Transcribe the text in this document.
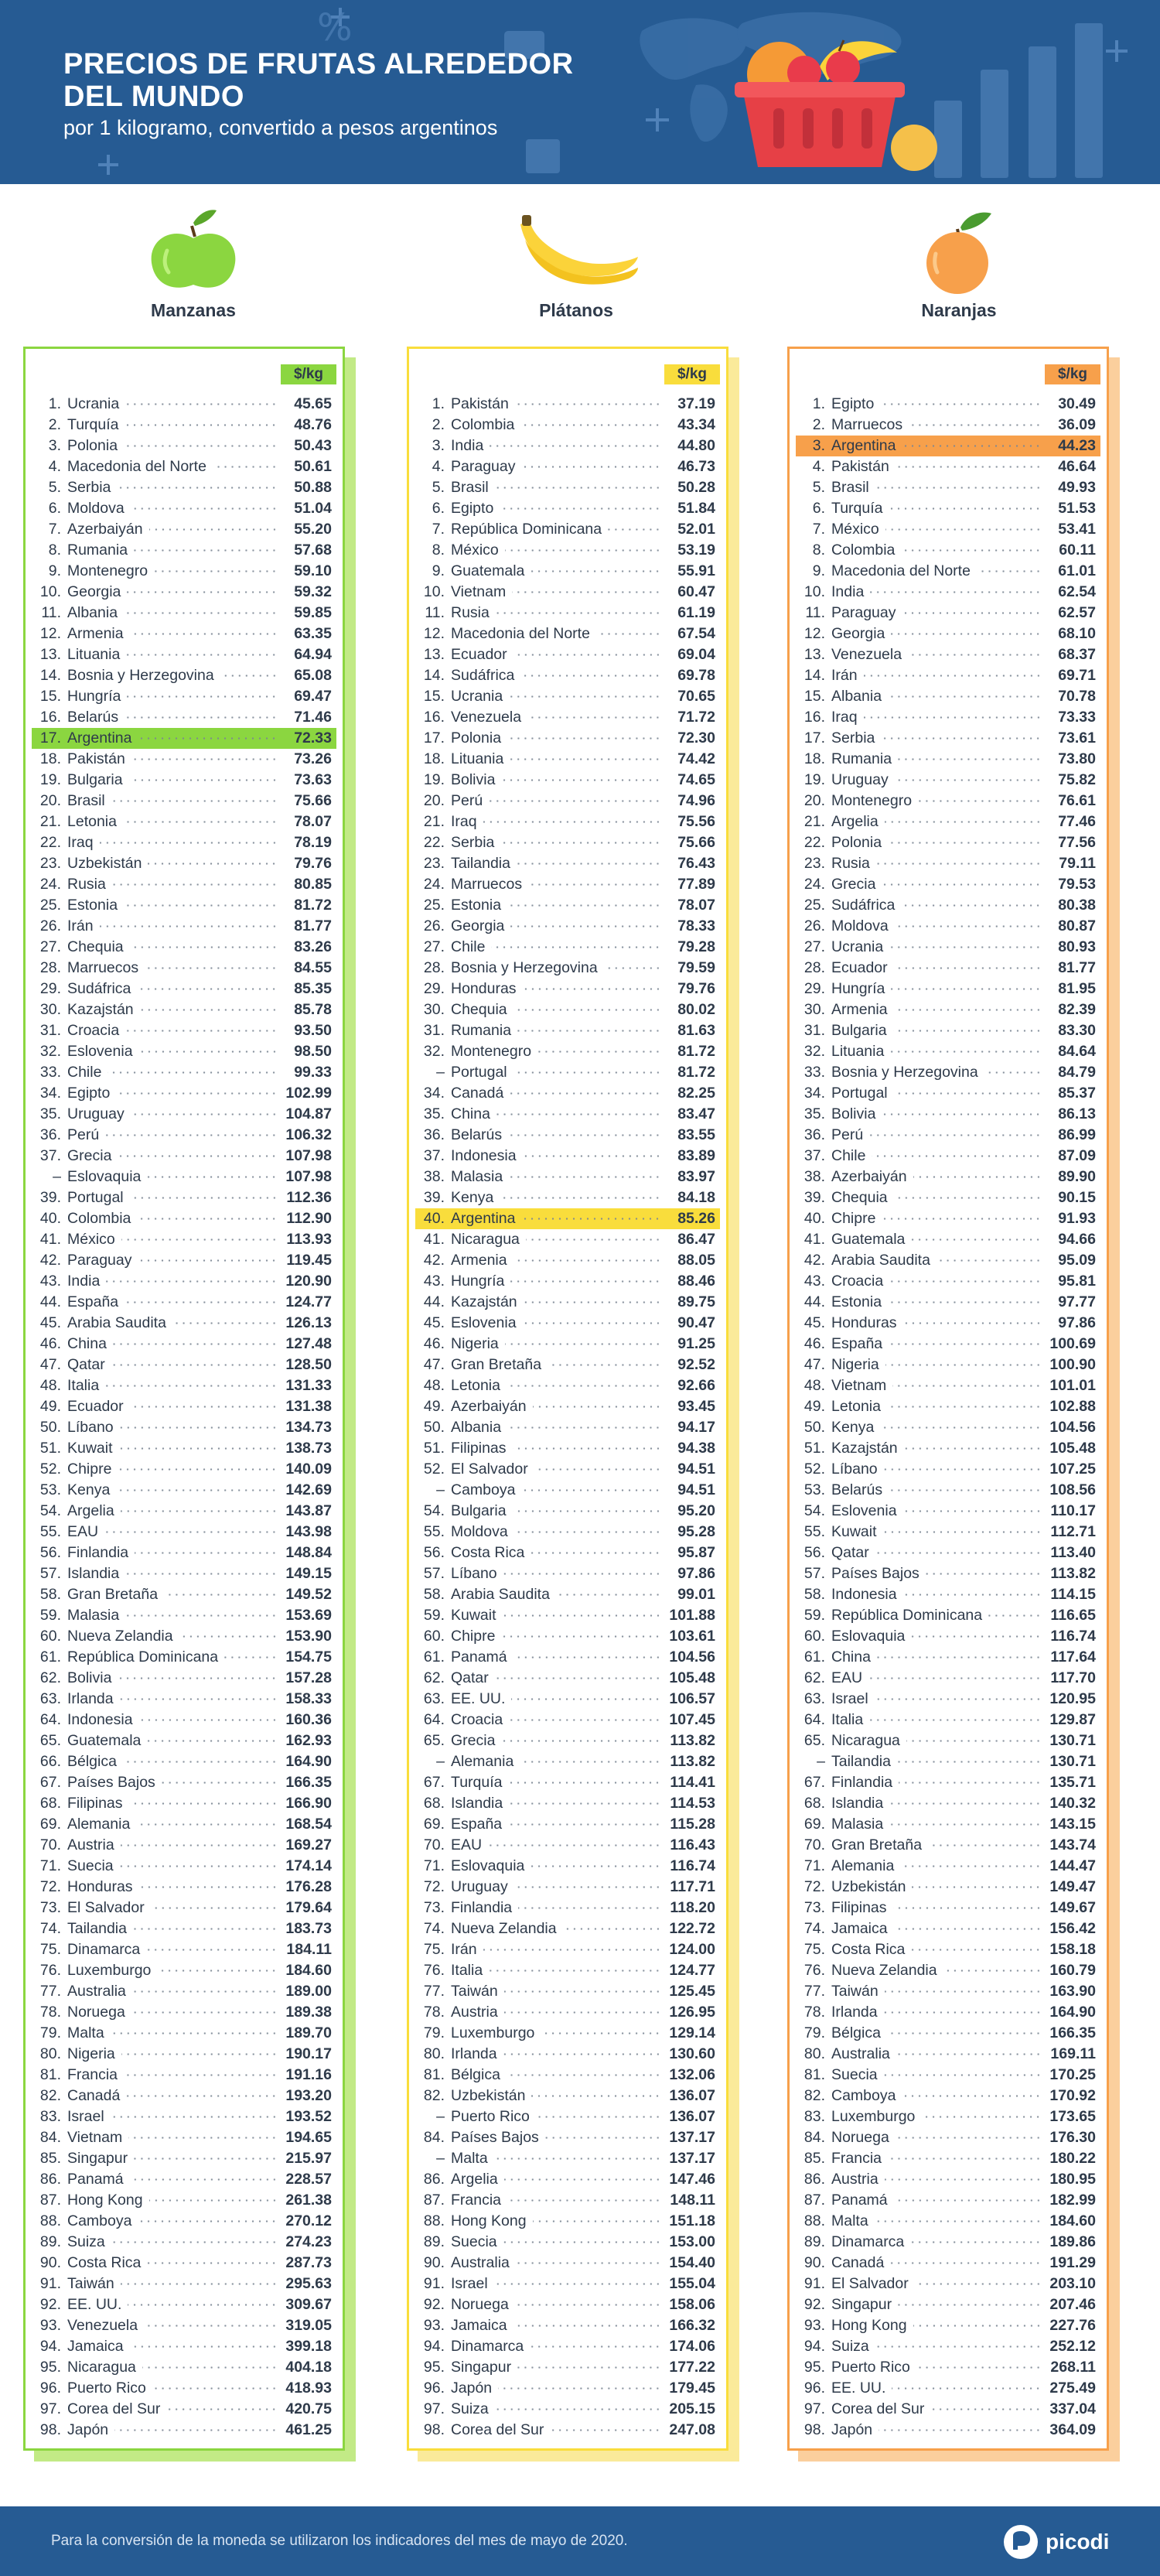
%
PRECIOS DE FRUTAS ALREDEDOR DEL MUNDO
por 1 kilogramo, convertido a pesos argentinos
Manzanas	Plátanos	Naranjas
$/kg
1. Ucrania	45.65
2. Turquía	48.76
3. Polonia	50.43
4. Macedonia del Norte	50.61
5. Serbia	50.88
6. Moldova	51.04
7. Azerbaiyán	55.20
8. Rumania	57.68
9. Montenegro	59.10
10. Georgia	59.32
11. Albania	59.85
12. Armenia	63.35
13. Lituania	64.94
14. Bosnia y Herzegovina	65.08
15. Hungría	69.47
16. Belarús	71.46
17. Argentina	72.33
18. Pakistán	73.26
19. Bulgaria	73.63
20. Brasil	75.66
21. Letonia	78.07
22. Iraq	78.19
23. Uzbekistán	79.76
24. Rusia	80.85
25. Estonia	81.72
26. Irán	81.77
27. Chequia	83.26
28. Marruecos	84.55
29. Sudáfrica	85.35
30. Kazajstán	85.78
31. Croacia	93.50
32. Eslovenia	98.50
33. Chile	99.33
34. Egipto	102.99
35. Uruguay	104.87
36. Perú	106.32
37. Grecia	107.98
– Eslovaquia	107.98
39. Portugal	112.36
40. Colombia	112.90
41. México	113.93
42. Paraguay	119.45
43. India	120.90
44. España	124.77
45. Arabia Saudita	126.13
46. China	127.48
47. Qatar	128.50
48. Italia	131.33
49. Ecuador	131.38
50. Líbano	134.73
51. Kuwait	138.73
52. Chipre	140.09
53. Kenya	142.69
54. Argelia	143.87
55. EAU	143.98
56. Finlandia	148.84
57. Islandia	149.15
58. Gran Bretaña	149.52
59. Malasia	153.69
60. Nueva Zelandia	153.90
61. República Dominicana	154.75
62. Bolivia	157.28
63. Irlanda	158.33
64. Indonesia	160.36
65. Guatemala	162.93
66. Bélgica	164.90
67. Países Bajos	166.35
68. Filipinas	166.90
69. Alemania	168.54
70. Austria	169.27
71. Suecia	174.14
72. Honduras	176.28
73. El Salvador	179.64
74. Tailandia	183.73
75. Dinamarca	184.11
76. Luxemburgo	184.60
77. Australia	189.00
78. Noruega	189.38
79. Malta	189.70
80. Nigeria	190.17
81. Francia	191.16
82. Canadá	193.20
83. Israel	193.52
84. Vietnam	194.65
85. Singapur	215.97
86. Panamá	228.57
87. Hong Kong	261.38
88. Camboya	270.12
89. Suiza	274.23
90. Costa Rica	287.73
91. Taiwán	295.63
92. EE. UU.	309.67
93. Venezuela	319.05
94. Jamaica	399.18
95. Nicaragua	404.18
96. Puerto Rico	418.93
97. Corea del Sur	420.75
98. Japón	461.25
$/kg
1. Pakistán	37.19
2. Colombia	43.34
3. India	44.80
4. Paraguay	46.73
5. Brasil	50.28
6. Egipto	51.84
7. República Dominicana	52.01
8. México	53.19
9. Guatemala	55.91
10. Vietnam	60.47
11. Rusia	61.19
12. Macedonia del Norte	67.54
13. Ecuador	69.04
14. Sudáfrica	69.78
15. Ucrania	70.65
16. Venezuela	71.72
17. Polonia	72.30
18. Lituania	74.42
19. Bolivia	74.65
20. Perú	74.96
21. Iraq	75.56
22. Serbia	75.66
23. Tailandia	76.43
24. Marruecos	77.89
25. Estonia	78.07
26. Georgia	78.33
27. Chile	79.28
28. Bosnia y Herzegovina	79.59
29. Honduras	79.76
30. Chequia	80.02
31. Rumania	81.63
32. Montenegro	81.72
– Portugal	81.72
34. Canadá	82.25
35. China	83.47
36. Belarús	83.55
37. Indonesia	83.89
38. Malasia	83.97
39. Kenya	84.18
40. Argentina	85.26
41. Nicaragua	86.47
42. Armenia	88.05
43. Hungría	88.46
44. Kazajstán	89.75
45. Eslovenia	90.47
46. Nigeria	91.25
47. Gran Bretaña	92.52
48. Letonia	92.66
49. Azerbaiyán	93.45
50. Albania	94.17
51. Filipinas	94.38
52. El Salvador	94.51
– Camboya	94.51
54. Bulgaria	95.20
55. Moldova	95.28
56. Costa Rica	95.87
57. Líbano	97.86
58. Arabia Saudita	99.01
59. Kuwait	101.88
60. Chipre	103.61
61. Panamá	104.56
62. Qatar	105.48
63. EE. UU.	106.57
64. Croacia	107.45
65. Grecia	113.82
– Alemania	113.82
67. Turquía	114.41
68. Islandia	114.53
69. España	115.28
70. EAU	116.43
71. Eslovaquia	116.74
72. Uruguay	117.71
73. Finlandia	118.20
74. Nueva Zelandia	122.72
75. Irán	124.00
76. Italia	124.77
77. Taiwán	125.45
78. Austria	126.95
79. Luxemburgo	129.14
80. Irlanda	130.60
81. Bélgica	132.06
82. Uzbekistán	136.07
– Puerto Rico	136.07
84. Países Bajos	137.17
– Malta	137.17
86. Argelia	147.46
87. Francia	148.11
88. Hong Kong	151.18
89. Suecia	153.00
90. Australia	154.40
91. Israel	155.04
92. Noruega	158.06
93. Jamaica	166.32
94. Dinamarca	174.06
95. Singapur	177.22
96. Japón	179.45
97. Suiza	205.15
98. Corea del Sur	247.08
$/kg
1. Egipto	30.49
2. Marruecos	36.09
3. Argentina	44.23
4. Pakistán	46.64
5. Brasil	49.93
6. Turquía	51.53
7. México	53.41
8. Colombia	60.11
9. Macedonia del Norte	61.01
10. India	62.54
11. Paraguay	62.57
12. Georgia	68.10
13. Venezuela	68.37
14. Irán	69.71
15. Albania	70.78
16. Iraq	73.33
17. Serbia	73.61
18. Rumania	73.80
19. Uruguay	75.82
20. Montenegro	76.61
21. Argelia	77.46
22. Polonia	77.56
23. Rusia	79.11
24. Grecia	79.53
25. Sudáfrica	80.38
26. Moldova	80.87
27. Ucrania	80.93
28. Ecuador	81.77
29. Hungría	81.95
30. Armenia	82.39
31. Bulgaria	83.30
32. Lituania	84.64
33. Bosnia y Herzegovina	84.79
34. Portugal	85.37
35. Bolivia	86.13
36. Perú	86.99
37. Chile	87.09
38. Azerbaiyán	89.90
39. Chequia	90.15
40. Chipre	91.93
41. Guatemala	94.66
42. Arabia Saudita	95.09
43. Croacia	95.81
44. Estonia	97.77
45. Honduras	97.86
46. España	100.69
47. Nigeria	100.90
48. Vietnam	101.01
49. Letonia	102.88
50. Kenya	104.56
51. Kazajstán	105.48
52. Líbano	107.25
53. Belarús	108.56
54. Eslovenia	110.17
55. Kuwait	112.71
56. Qatar	113.40
57. Países Bajos	113.82
58. Indonesia	114.15
59. República Dominicana	116.65
60. Eslovaquia	116.74
61. China	117.64
62. EAU	117.70
63. Israel	120.95
64. Italia	129.87
65. Nicaragua	130.71
– Tailandia	130.71
67. Finlandia	135.71
68. Islandia	140.32
69. Malasia	143.15
70. Gran Bretaña	143.74
71. Alemania	144.47
72. Uzbekistán	149.47
73. Filipinas	149.67
74. Jamaica	156.42
75. Costa Rica	158.18
76. Nueva Zelandia	160.79
77. Taiwán	163.90
78. Irlanda	164.90
79. Bélgica	166.35
80. Australia	169.11
81. Suecia	170.25
82. Camboya	170.92
83. Luxemburgo	173.65
84. Noruega	176.30
85. Francia	180.22
86. Austria	180.95
87. Panamá	182.99
88. Malta	184.60
89. Dinamarca	189.86
90. Canadá	191.29
91. El Salvador	203.10
92. Singapur	207.46
93. Hong Kong	227.76
94. Suiza	252.12
95. Puerto Rico	268.11
96. EE. UU.	275.49
97. Corea del Sur	337.04
98. Japón	364.09
Para la conversión de la moneda se utilizaron los indicadores del mes de mayo de 2020.	picodi
